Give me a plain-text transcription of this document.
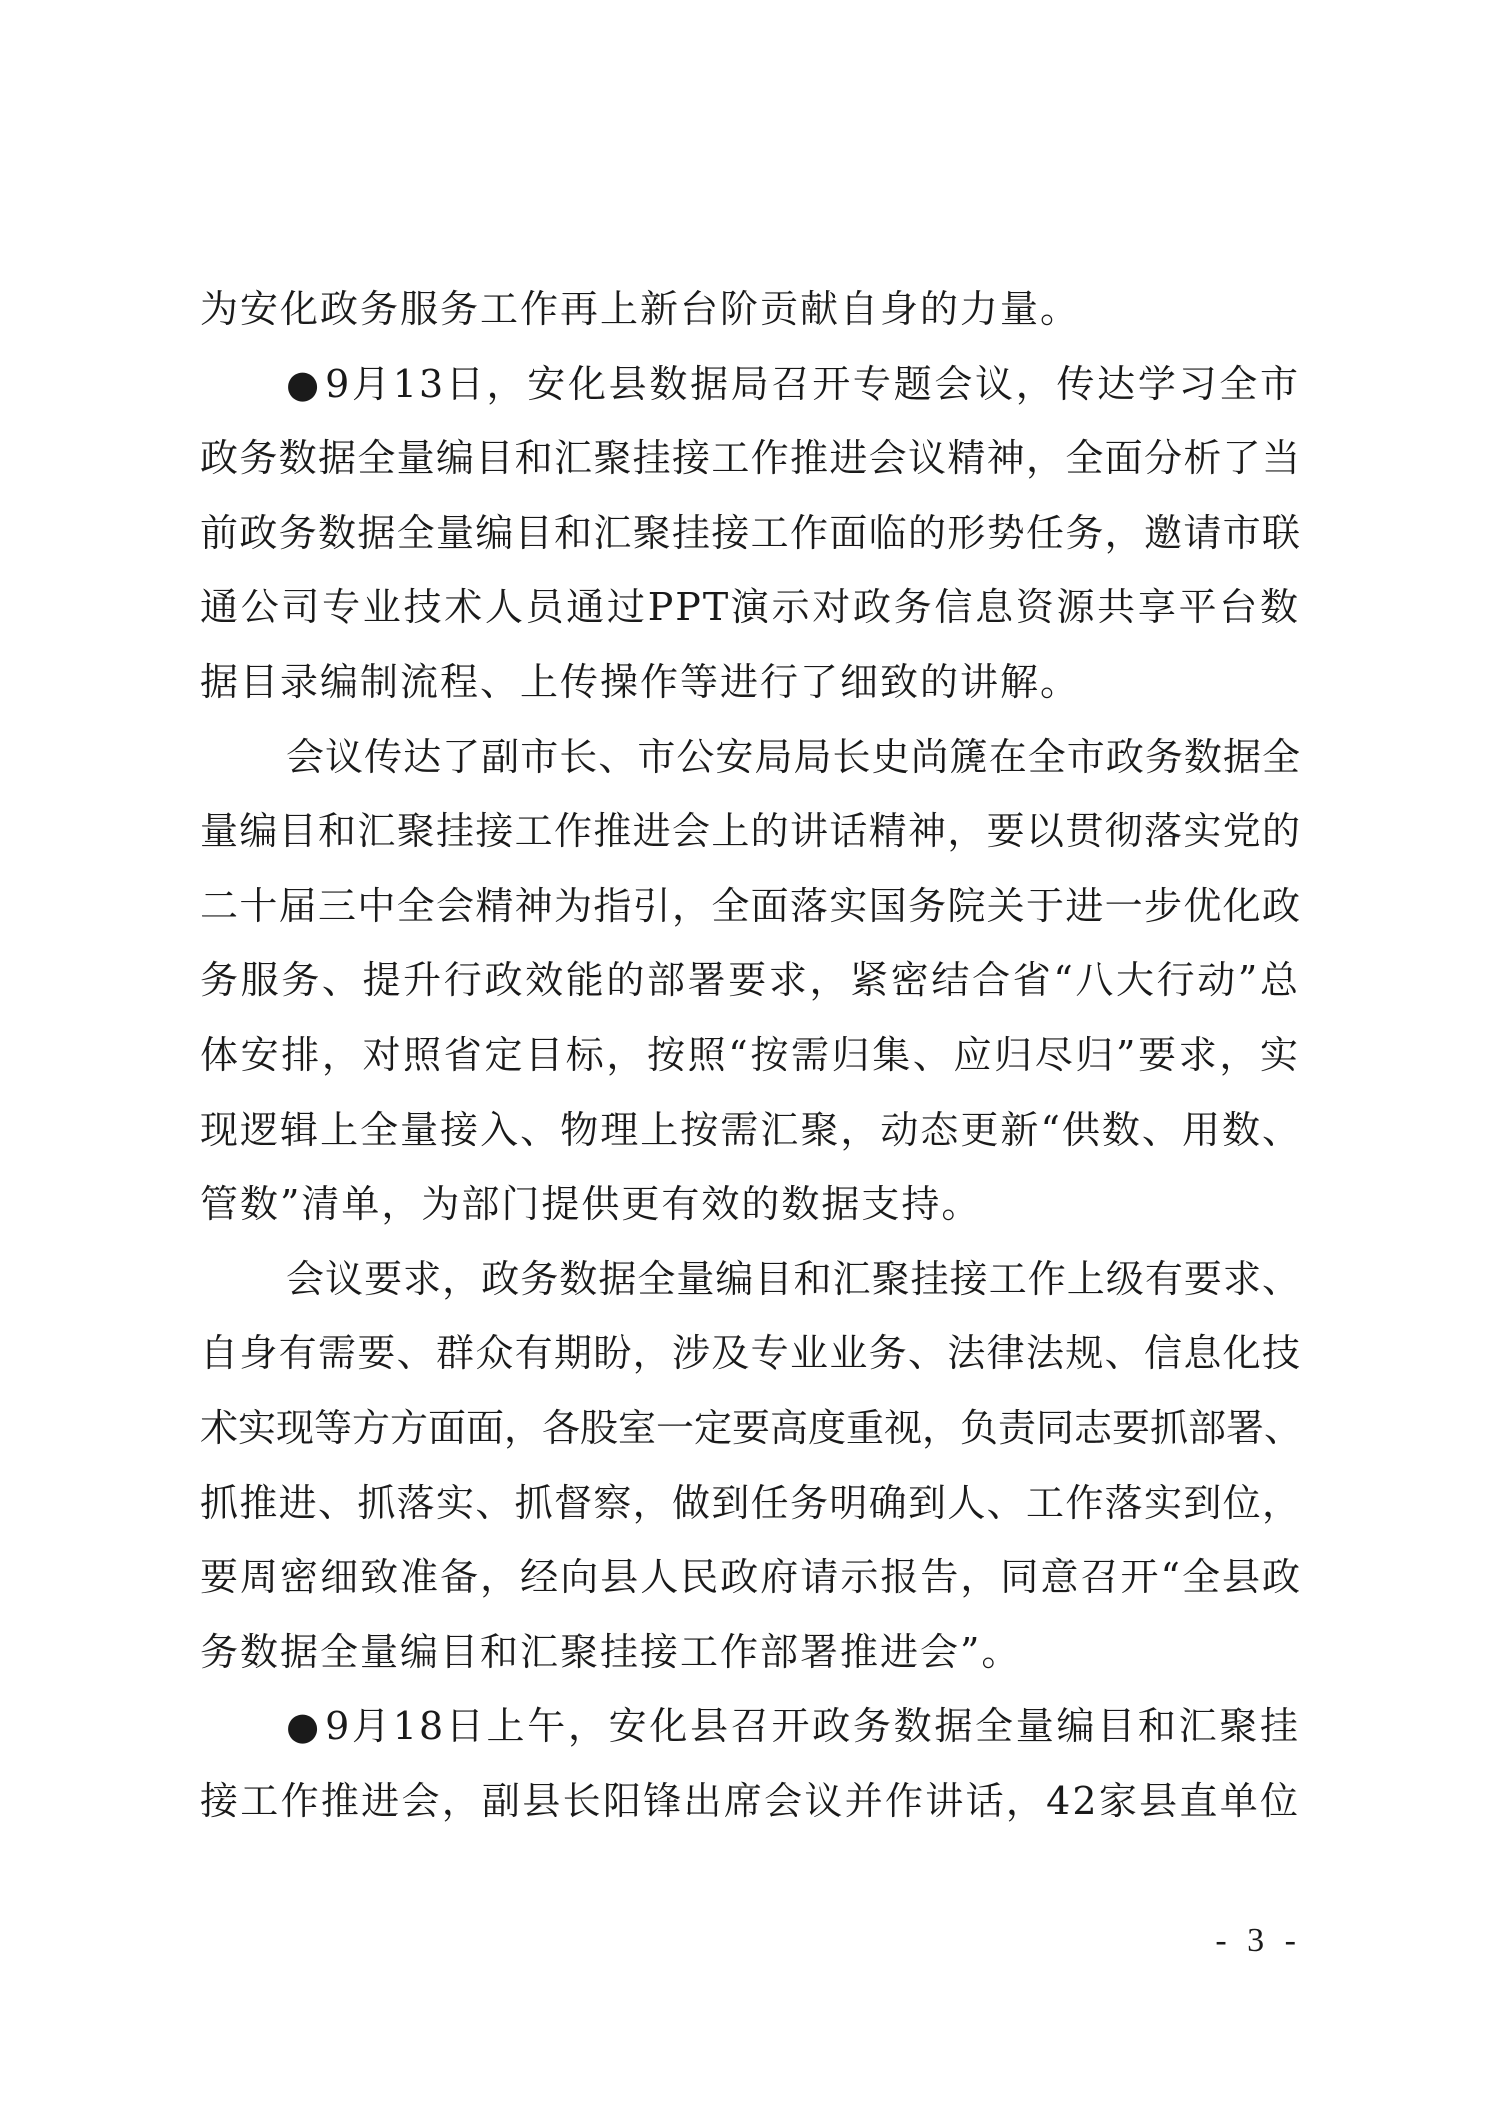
为安化政务服务工作再上新台阶贡献自身的力量。
● 9月13日，安化县数据局召开专题会议，传达学习全市
政务数据全量编目和汇聚挂接工作推进会议精神，全面分析了当
前政务数据全量编目和汇聚挂接工作面临的形势任务，邀请市联
通公司专业技术人员通过PPT演示对政务信息资源共享平台数
据目录编制流程、上传操作等进行了细致的讲解。
会议传达了副市长、市公安局局长史尚篪在全市政务数据全
量编目和汇聚挂接工作推进会上的讲话精神，要以贯彻落实党的
二十届三中全会精神为指引，全面落实国务院关于进一步优化政
务服务、提升行政效能的部署要求，紧密结合省“八大行动”总
体安排，对照省定目标，按照“按需归集、应归尽归”要求，实
现逻辑上全量接入、物理上按需汇聚，动态更新“供数、用数、
管数”清单，为部门提供更有效的数据支持。
会议要求，政务数据全量编目和汇聚挂接工作上级有要求、
自身有需要、群众有期盼，涉及专业业务、法律法规、信息化技
术实现等方方面面，各股室一定要高度重视，负责同志要抓部署、
抓推进、抓落实、抓督察，做到任务明确到人、工作落实到位，
要周密细致准备，经向县人民政府请示报告，同意召开“全县政
务数据全量编目和汇聚挂接工作部署推进会”。
● 9月18日上午，安化县召开政务数据全量编目和汇聚挂
接工作推进会，副县长阳锋出席会议并作讲话，42家县直单位
- 3 -
